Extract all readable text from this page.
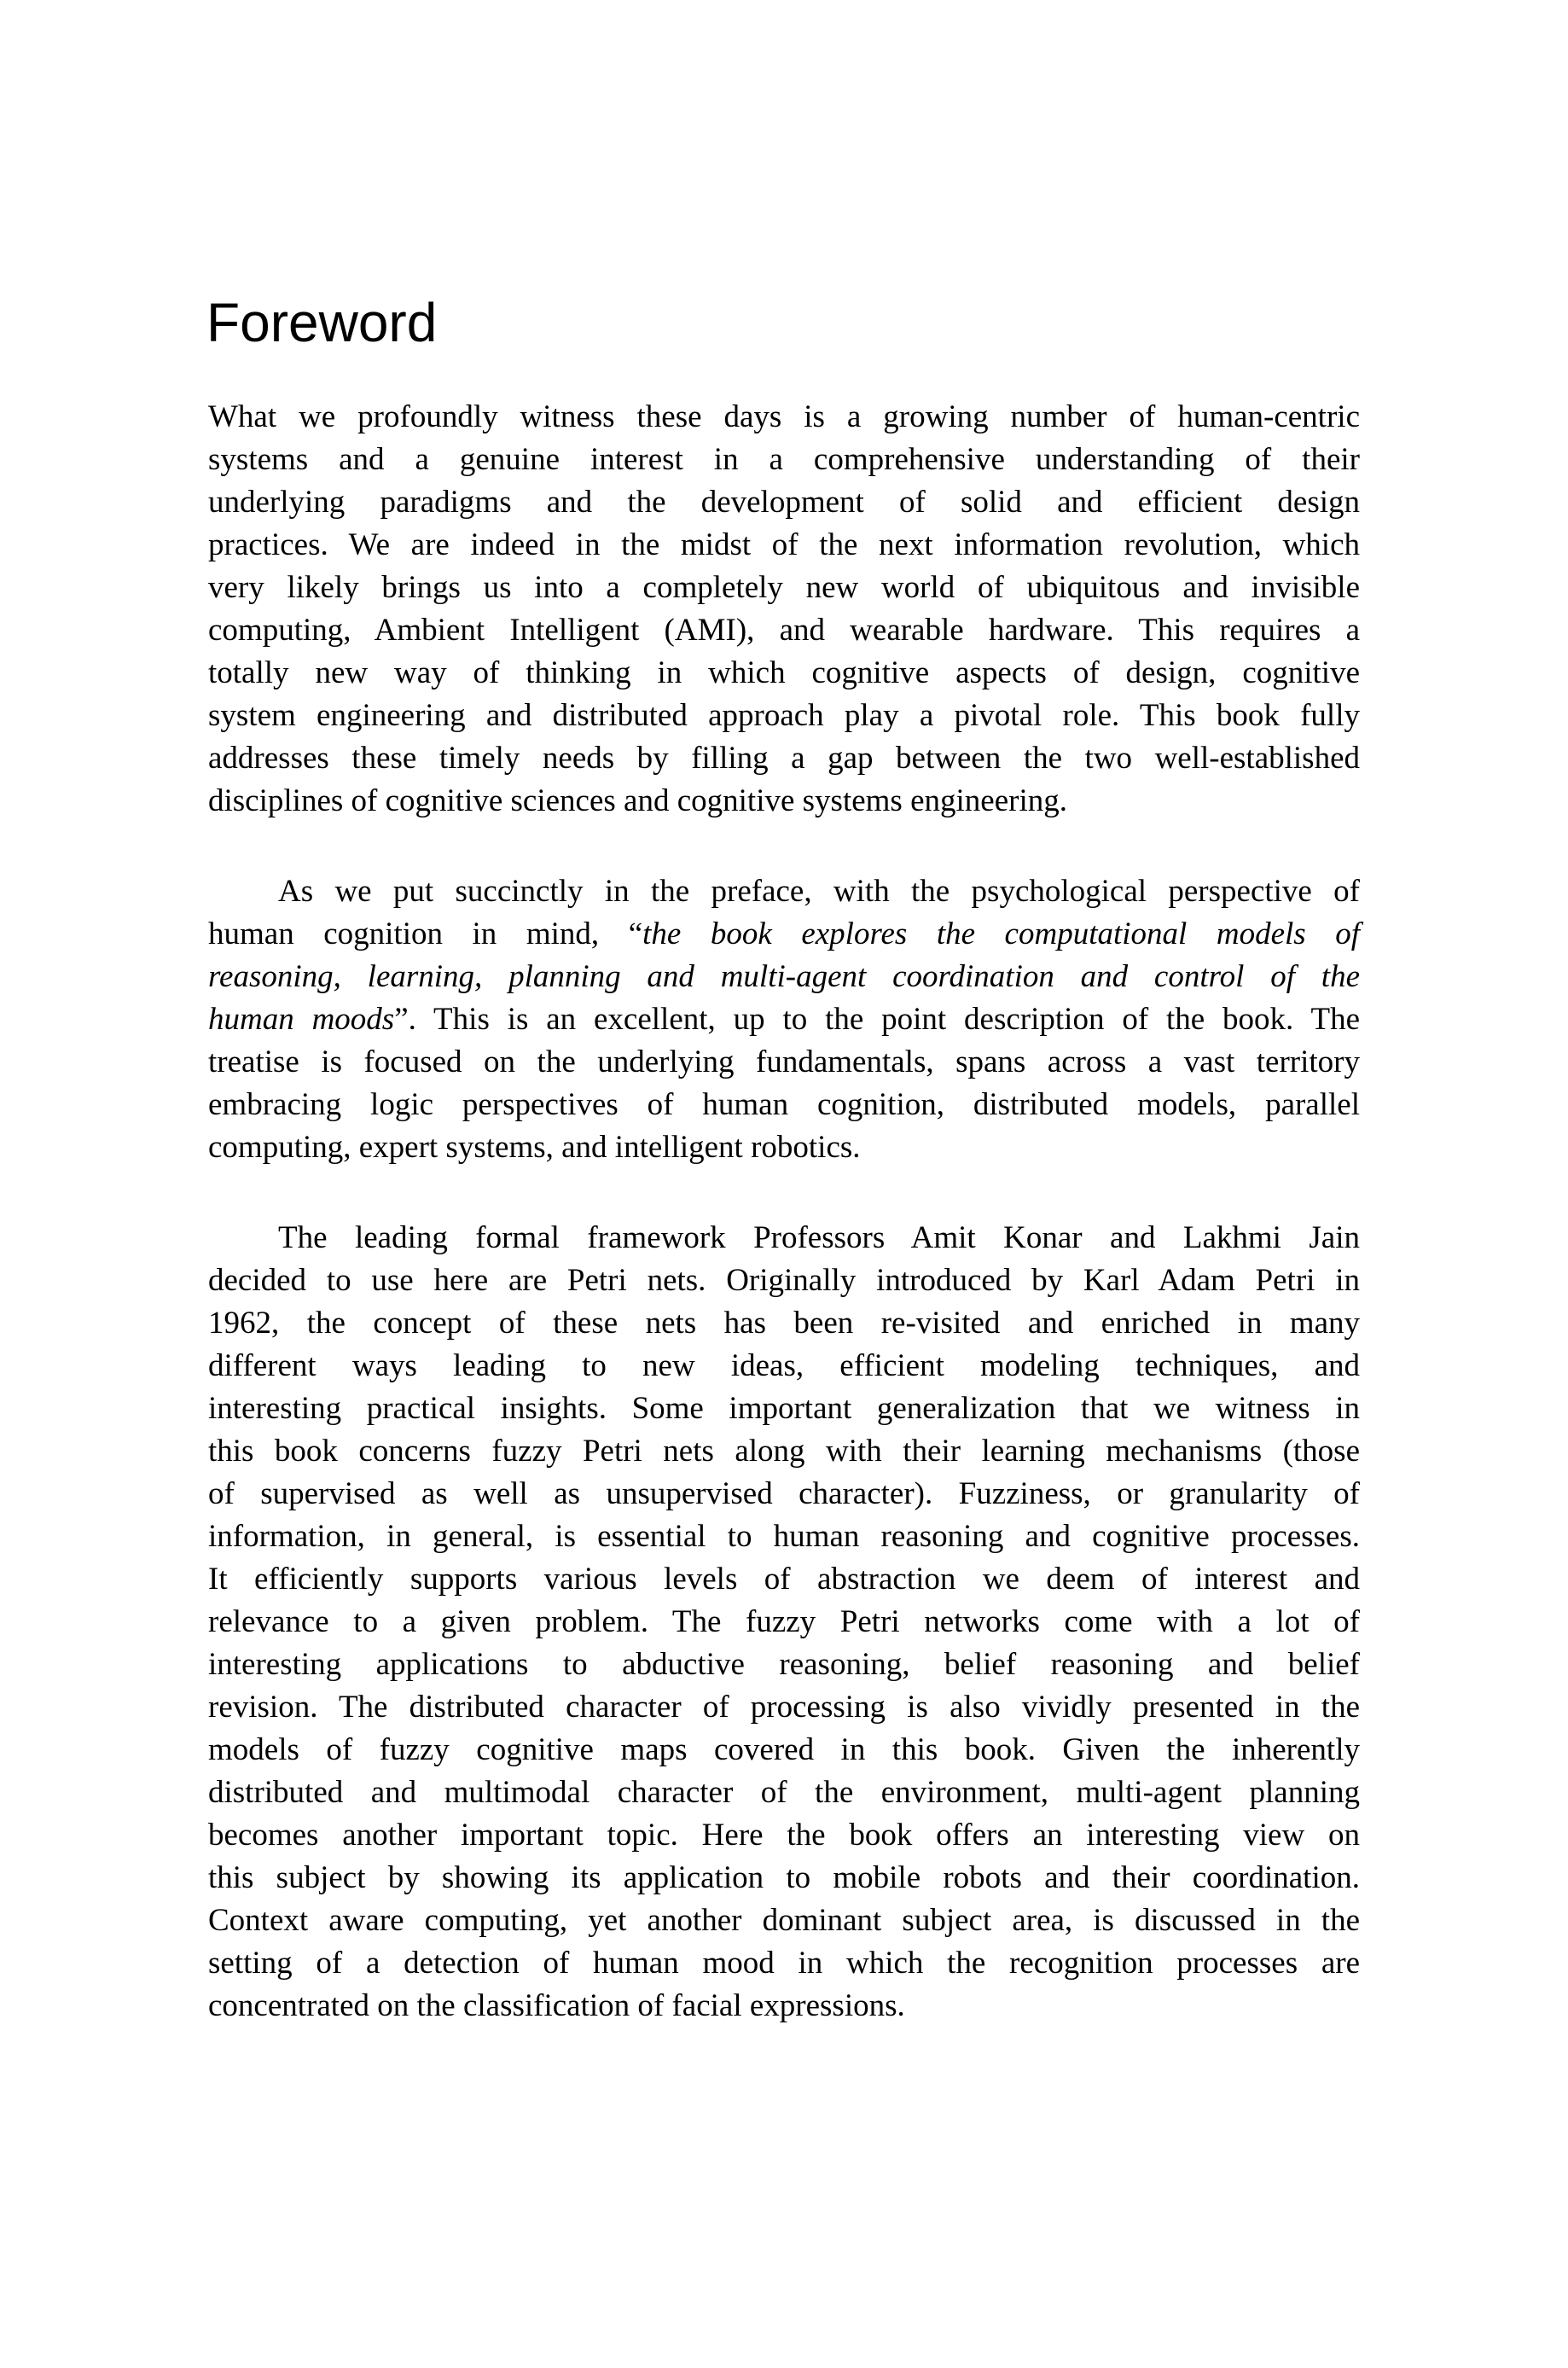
Foreword
What we profoundly witness these days is a growing number of human-centric
systems and a genuine interest in a comprehensive understanding of their
underlying paradigms and the development of solid and efficient design
practices. We are indeed in the midst of the next information revolution, which
very likely brings us into a completely new world of ubiquitous and invisible
computing, Ambient Intelligent (AMI), and wearable hardware. This requires a
totally new way of thinking in which cognitive aspects of design, cognitive
system engineering and distributed approach play a pivotal role. This book fully
addresses these timely needs by filling a gap between the two well-established
disciplines of cognitive sciences and cognitive systems engineering.
As we put succinctly in the preface, with the psychological perspective of
human cognition in mind, “the book explores the computational models of
reasoning, learning, planning and multi-agent coordination and control of the
human moods”. This is an excellent, up to the point description of the book. The
treatise is focused on the underlying fundamentals, spans across a vast territory
embracing logic perspectives of human cognition, distributed models, parallel
computing, expert systems, and intelligent robotics.
The leading formal framework Professors Amit Konar and Lakhmi Jain
decided to use here are Petri nets. Originally introduced by Karl Adam Petri in
1962, the concept of these nets has been re-visited and enriched in many
different ways leading to new ideas, efficient modeling techniques, and
interesting practical insights. Some important generalization that we witness in
this book concerns fuzzy Petri nets along with their learning mechanisms (those
of supervised as well as unsupervised character). Fuzziness, or granularity of
information, in general, is essential to human reasoning and cognitive processes.
It efficiently supports various levels of abstraction we deem of interest and
relevance to a given problem. The fuzzy Petri networks come with a lot of
interesting applications to abductive reasoning, belief reasoning and belief
revision. The distributed character of processing is also vividly presented in the
models of fuzzy cognitive maps covered in this book. Given the inherently
distributed and multimodal character of the environment, multi-agent planning
becomes another important topic. Here the book offers an interesting view on
this subject by showing its application to mobile robots and their coordination.
Context aware computing, yet another dominant subject area, is discussed in the
setting of a detection of human mood in which the recognition processes are
concentrated on the classification of facial expressions.
